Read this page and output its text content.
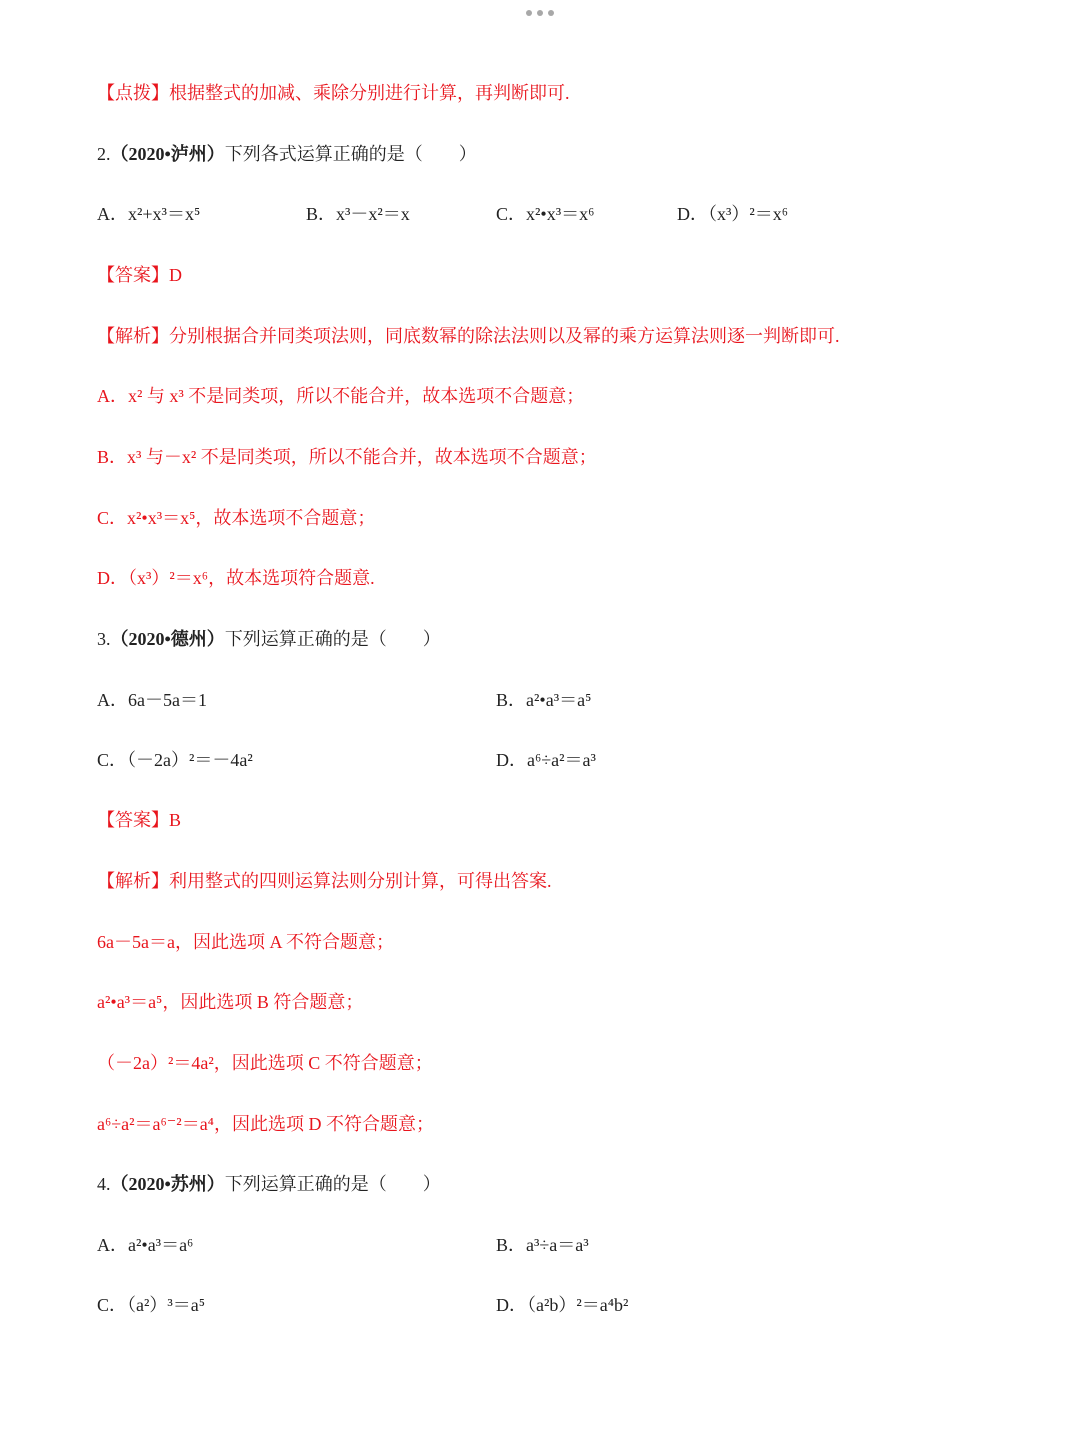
【点拨】根据整式的加减、乘除分别进行计算，再判断即可.
2.（2020•泸州）下列各式运算正确的是（　　）
A．x²+x³＝x⁵	B．x³－x²＝x	C．x²•x³＝x⁶	D．（x³）²＝x⁶
【答案】D
【解析】分别根据合并同类项法则，同底数幂的除法法则以及幂的乘方运算法则逐一判断即可.
A．x² 与 x³ 不是同类项，所以不能合并，故本选项不合题意；
B．x³ 与－x² 不是同类项，所以不能合并，故本选项不合题意；
C．x²•x³＝x⁵，故本选项不合题意；
D．（x³）²＝x⁶，故本选项符合题意.
3.（2020•德州）下列运算正确的是（　　）
A．6a－5a＝1	B．a²•a³＝a⁵
C．（－2a）²＝－4a²	D．a⁶÷a²＝a³
【答案】B
【解析】利用整式的四则运算法则分别计算，可得出答案.
6a－5a＝a，因此选项 A 不符合题意；
a²•a³＝a⁵，因此选项 B 符合题意；
（－2a）²＝4a²，因此选项 C 不符合题意；
a⁶÷a²＝a⁶⁻²＝a⁴，因此选项 D 不符合题意；
4.（2020•苏州）下列运算正确的是（　　）
A．a²•a³＝a⁶	B．a³÷a＝a³
C．（a²）³＝a⁵	D．（a²b）²＝a⁴b²
